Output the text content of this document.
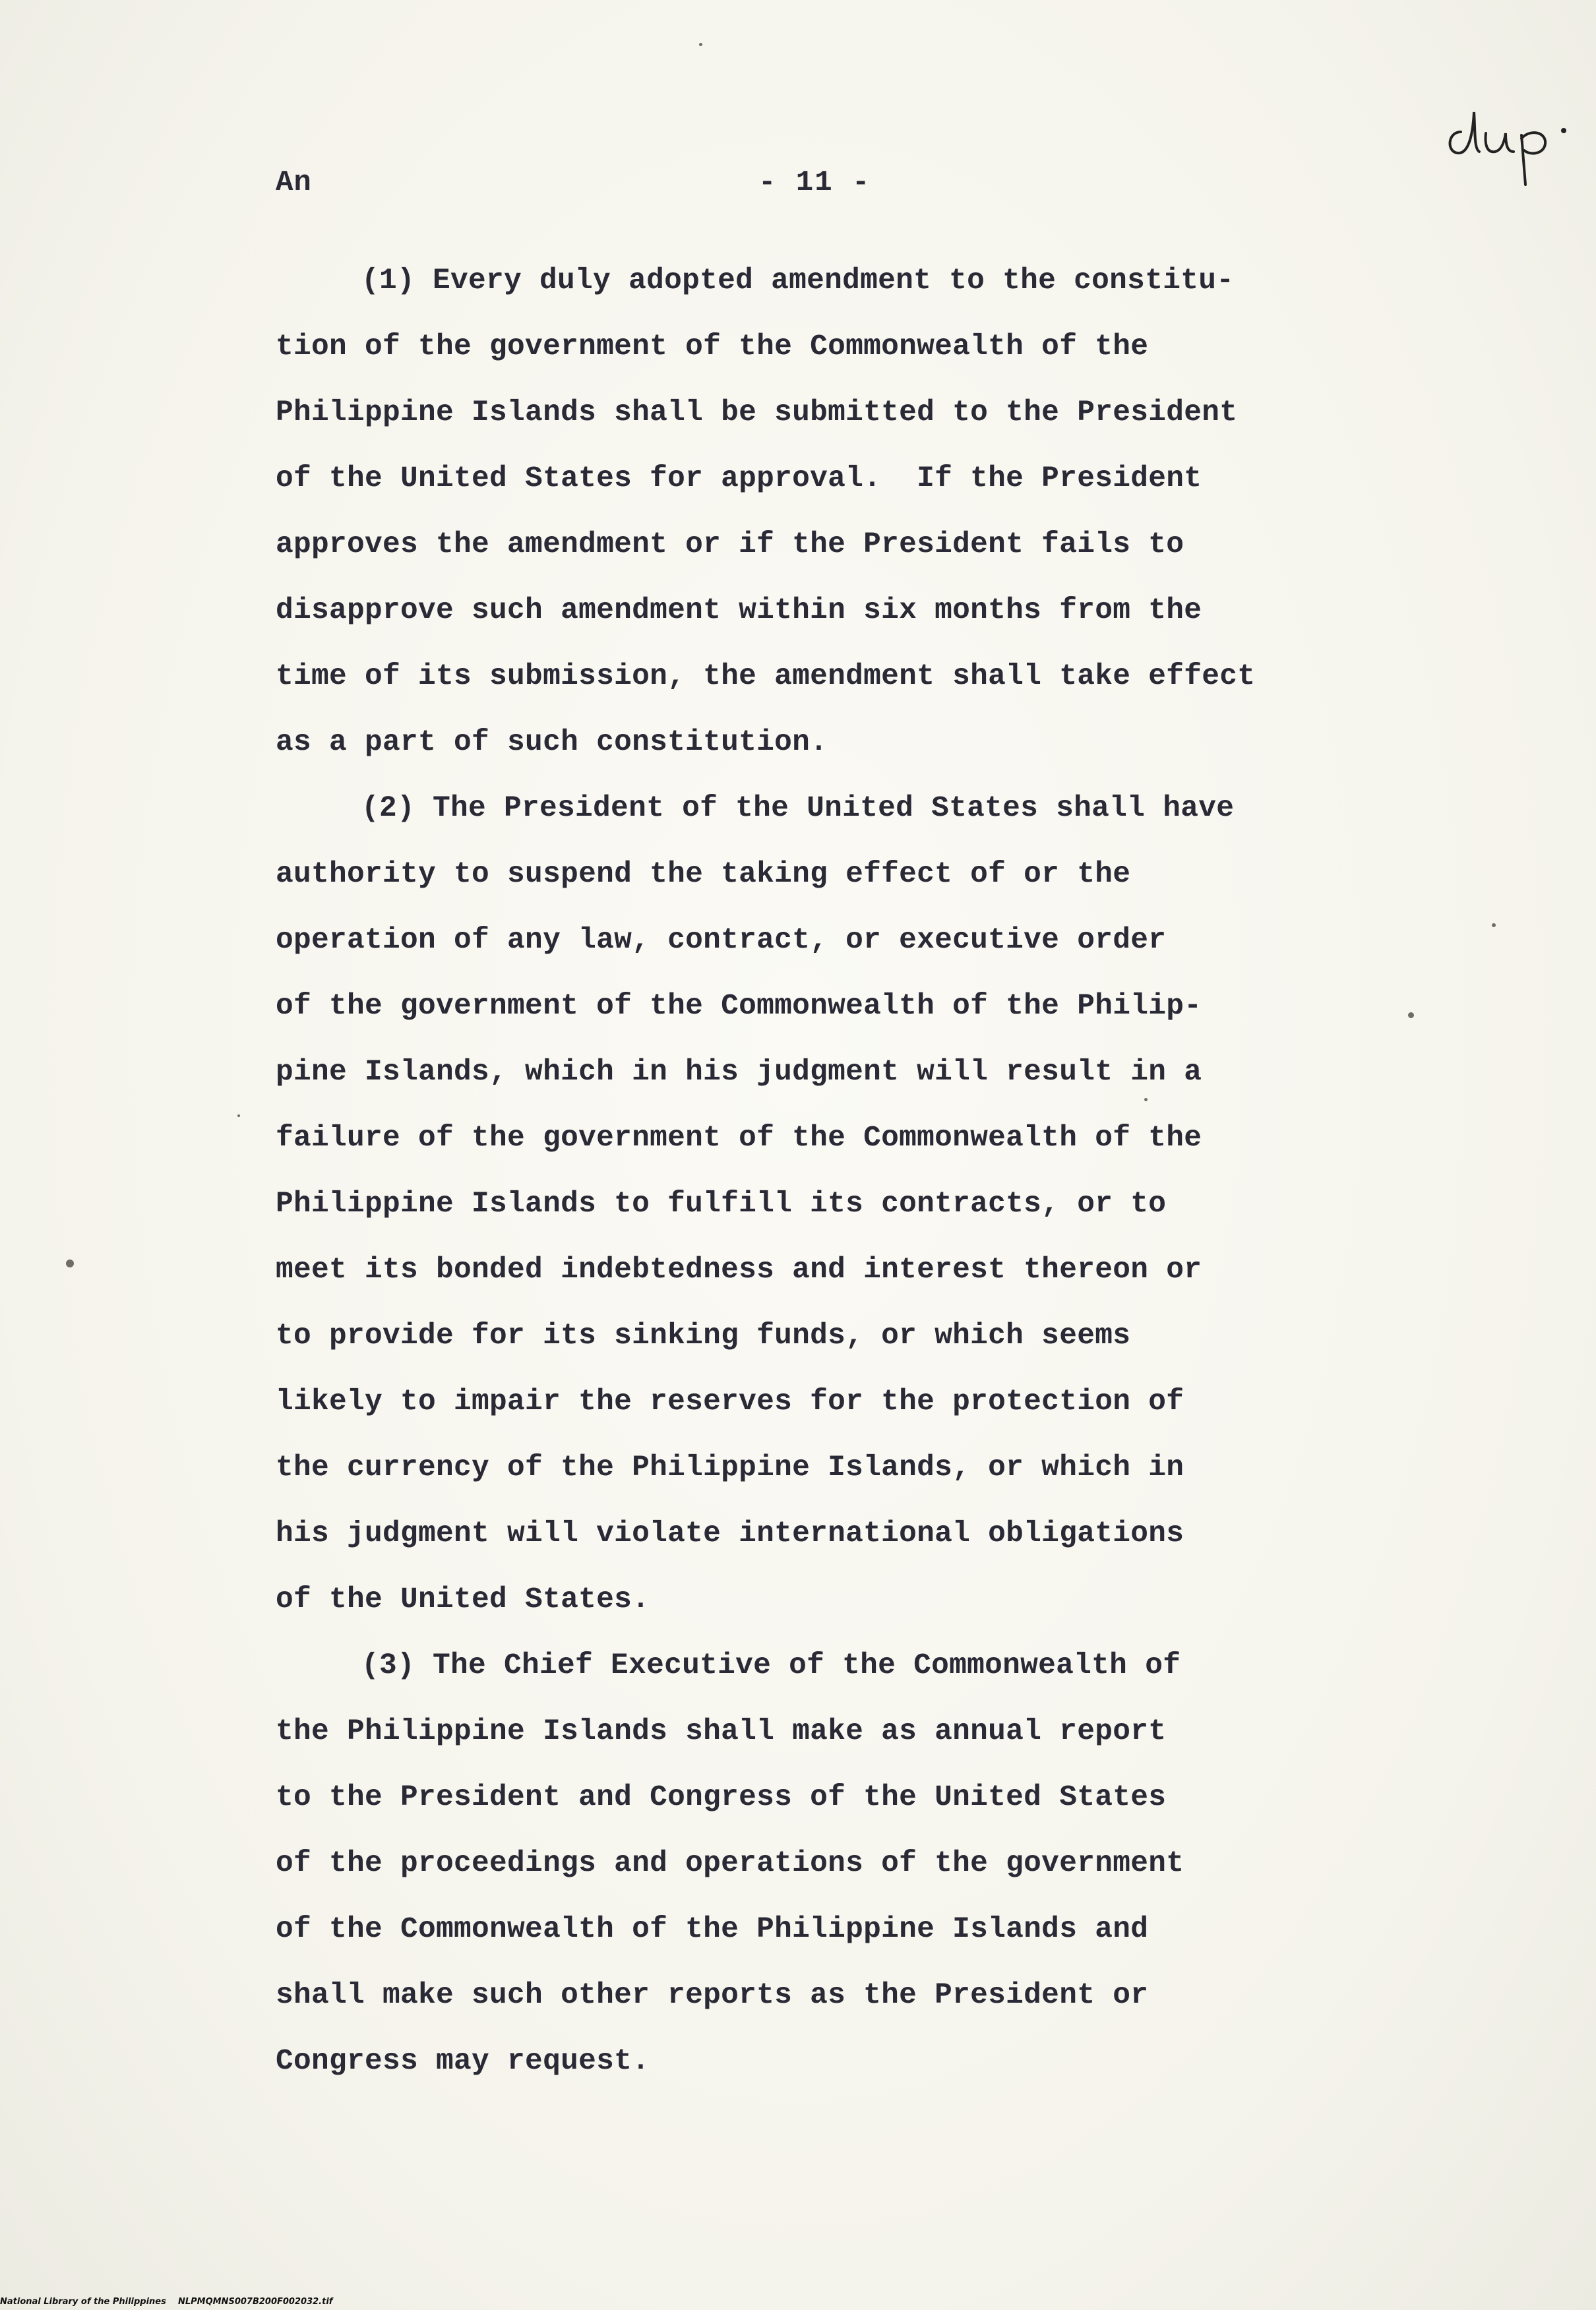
An	- 11 -
(1) Every duly adopted amendment to the constitu-
tion of the government of the Commonwealth of the
Philippine Islands shall be submitted to the President
of the United States for approval.  If the President
approves the amendment or if the President fails to
disapprove such amendment within six months from the
time of its submission, the amendment shall take effect
as a part of such constitution.
(2) The President of the United States shall have
authority to suspend the taking effect of or the
operation of any law, contract, or executive order
of the government of the Commonwealth of the Philip-
pine Islands, which in his judgment will result in a
failure of the government of the Commonwealth of the
Philippine Islands to fulfill its contracts, or to
meet its bonded indebtedness and interest thereon or
to provide for its sinking funds, or which seems
likely to impair the reserves for the protection of
the currency of the Philippine Islands, or which in
his judgment will violate international obligations
of the United States.
(3) The Chief Executive of the Commonwealth of
the Philippine Islands shall make as annual report
to the President and Congress of the United States
of the proceedings and operations of the government
of the Commonwealth of the Philippine Islands and
shall make such other reports as the President or
Congress may request.
National Library of the Philippines NLPMQMNS007B200F002032.tif
